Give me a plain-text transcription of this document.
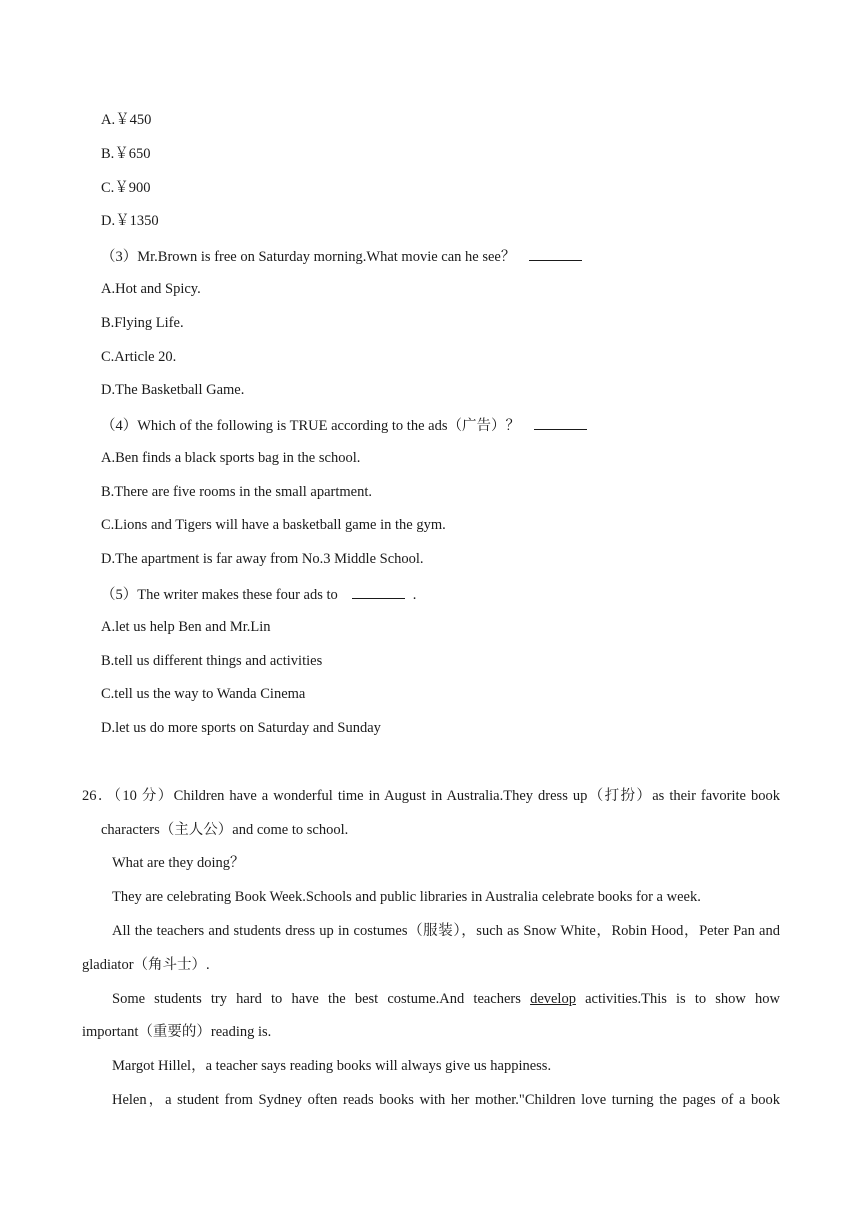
A.￥450
B.￥650
C.￥900
D.￥1350
（3）Mr.Brown is free on Saturday morning.What movie can he see？
A.Hot and Spicy.
B.Flying Life.
C.Article 20.
D.The Basketball Game.
（4）Which of the following is TRUE according to the ads（广告）？
A.Ben finds a black sports bag in the school.
B.There are five rooms in the small apartment.
C.Lions and Tigers will have a basketball game in the gym.
D.The apartment is far away from No.3 Middle School.
（5）The writer makes these four ads to	.
A.let us help Ben and Mr.Lin
B.tell us different things and activities
C.tell us the way to Wanda Cinema
D.let us do more sports on Saturday and Sunday
26．（10 分）Children have a wonderful time in August in Australia.They dress up（打扮）as their favorite book
characters（主人公）and come to school.
What are they doing？
They are celebrating Book Week.Schools and public libraries in Australia celebrate books for a week.
All the teachers and students dress up in costumes（服装），such as Snow White，Robin Hood，Peter Pan and
gladiator（角斗士）.
Some students try hard to have the best costume.And teachers develop activities.This is to show how
important（重要的）reading is.
Margot Hillel，a teacher says reading books will always give us happiness.
Helen，a student from Sydney often reads books with her mother."Children love turning the pages of a book
